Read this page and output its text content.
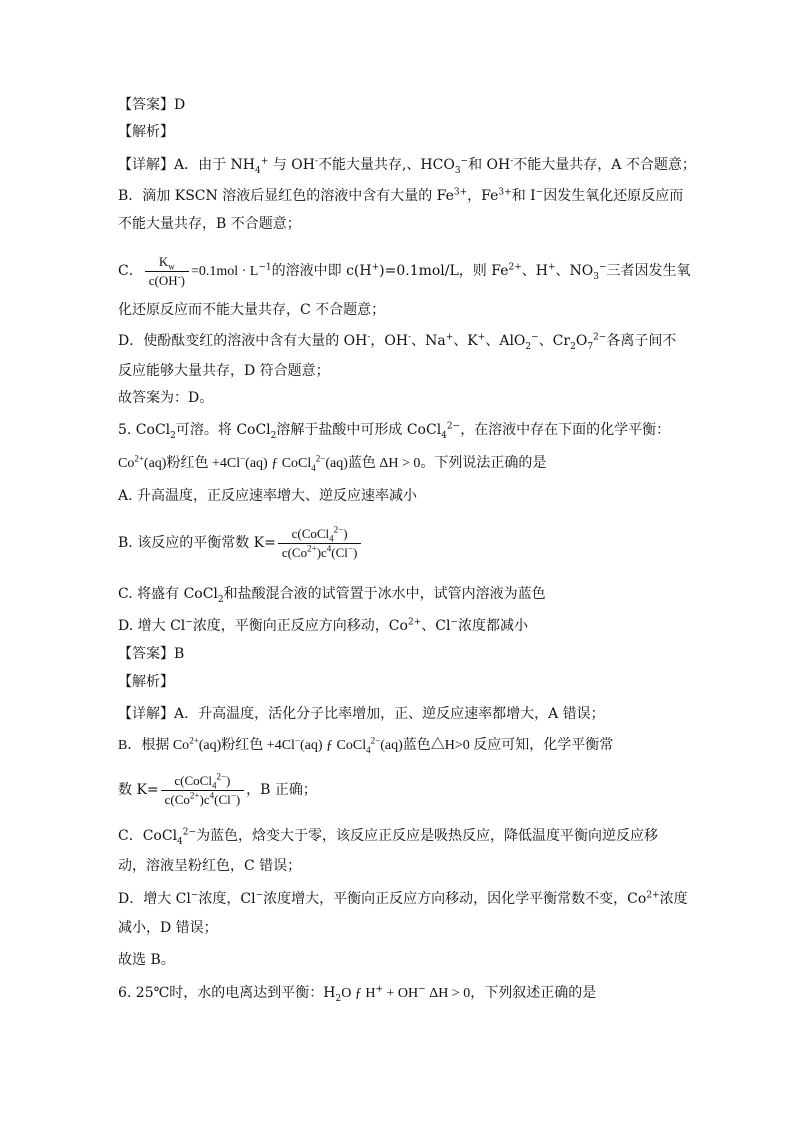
【答案】D
【解析】
【详解】A．由于 $NH_4^+$ 与 OH-不能大量共存,、$HCO_3^-$和 OH-不能大量共存，A 不合题意；
B．滴加 KSCN 溶液后显红色的溶液中含有大量的 $Fe^{3+}$，$Fe^{3+}$和 I−因发生氧化还原反应而
不能大量共存，B 不合题意；
C． $\frac{K_w}{c(OH^-)} =0.1mol \cdot L^{-1}$的溶液中即 c(H+)=0.1mol/L，则 $Fe^{2+}$、H+、$NO_3^-$三者因发生氧
化还原反应而不能大量共存，C 不合题意；
D．使酚酞变红的溶液中含有大量的 OH-，OH-、Na+、K+、AlO$_2$−、$Cr_2O_7^{2-}$各离子间不
反应能够大量共存，D 符合题意；
故答案为：D。
5. CoCl$_2$可溶。将 CoCl$_2$溶解于盐酸中可形成 CoCl$_4^{2-}$，在溶液中存在下面的化学平衡：
$Co^{2+}(aq)$粉红色 +4Cl−(aq) ƒ CoCl$_4^{2-}$(aq)蓝色 ΔH > 0。下列说法正确的是
A. 升高温度，正反应速率增大、逆反应速率减小
B. 该反应的平衡常数 $K= \frac{c(CoCl_4^{2-})}{c(Co^{2+})c^4(Cl^-)}$
C. 将盛有 CoCl$_2$和盐酸混合液的试管置于冰水中，试管内溶液为蓝色
D. 增大 Cl−浓度，平衡向正反应方向移动，$Co^{2+}$、Cl−浓度都减小
【答案】B
【解析】
【详解】A．升高温度，活化分子比率增加，正、逆反应速率都增大，A 错误；
B．根据 $Co^{2+}(aq)$粉红色 +4Cl−(aq) ƒ CoCl$_4^{2-}$(aq)蓝色△H>0 反应可知，化学平衡常
数 $K= \frac{c(CoCl_4^{2-})}{c(Co^{2+})c^4(Cl^-)}$ ，B 正确；
C．CoCl$_4^{2-}$为蓝色，焓变大于零，该反应正反应是吸热反应，降低温度平衡向逆反应移
动，溶液呈粉红色，C 错误；
D．增大 Cl−浓度，Cl−浓度增大，平衡向正反应方向移动，因化学平衡常数不变，$Co^{2+}$浓度
减小，D 错误；
故选 B。
6. 25℃时，水的电离达到平衡：$H_2O$ ƒ H+ + OH− ΔH > 0，下列叙述正确的是
